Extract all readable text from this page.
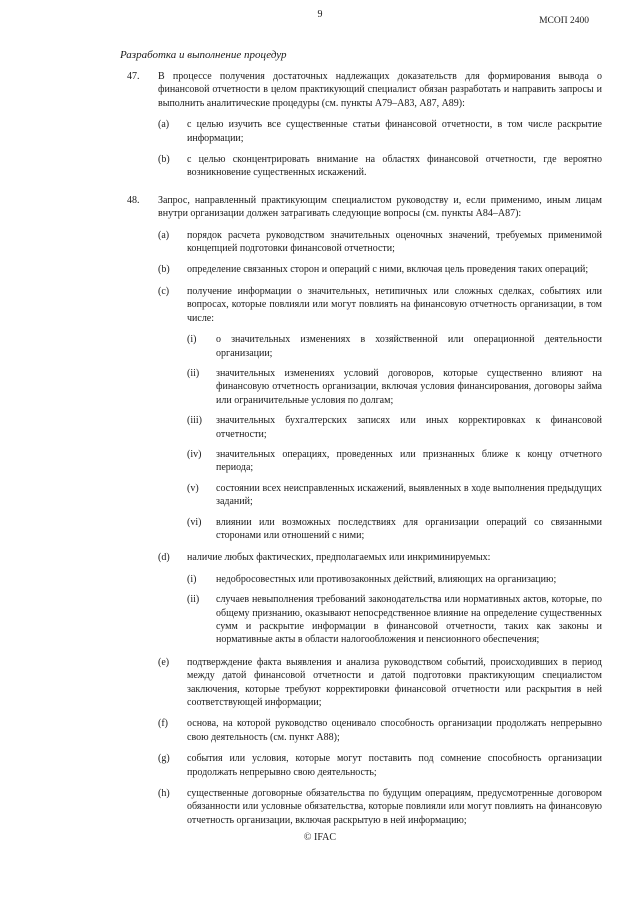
9
МСОП 2400
Разработка и выполнение процедур
47. В процессе получения достаточных надлежащих доказательств для формирования вывода о финансовой отчетности в целом практикующий специалист обязан разработать и направить запросы и выполнить аналитические процедуры (см. пункты А79–А83, А87, А89):
(a) с целью изучить все существенные статьи финансовой отчетности, в том числе раскрытие информации;
(b) с целью сконцентрировать внимание на областях финансовой отчетности, где вероятно возникновение существенных искажений.
48. Запрос, направленный практикующим специалистом руководству и, если применимо, иным лицам внутри организации должен затрагивать следующие вопросы (см. пункты А84–А87):
(a) порядок расчета руководством значительных оценочных значений, требуемых применимой концепцией подготовки финансовой отчетности;
(b) определение связанных сторон и операций с ними, включая цель проведения таких операций;
(c) получение информации о значительных, нетипичных или сложных сделках, событиях или вопросах, которые повлияли или могут повлиять на финансовую отчетность организации, в том числе:
(i) о значительных изменениях в хозяйственной или операционной деятельности организации;
(ii) значительных изменениях условий договоров, которые существенно влияют на финансовую отчетность организации, включая условия финансирования, договоры займа или ограничительные условия по долгам;
(iii) значительных бухгалтерских записях или иных корректировках к финансовой отчетности;
(iv) значительных операциях, проведенных или признанных ближе к концу отчетного периода;
(v) состоянии всех неисправленных искажений, выявленных в ходе выполнения предыдущих заданий;
(vi) влиянии или возможных последствиях для организации операций со связанными сторонами или отношений с ними;
(d) наличие любых фактических, предполагаемых или инкриминируемых:
(i) недобросовестных или противозаконных действий, влияющих на организацию;
(ii) случаев невыполнения требований законодательства или нормативных актов, которые, по общему признанию, оказывают непосредственное влияние на определение существенных сумм и раскрытие информации в финансовой отчетности, таких как законы и нормативные акты в области налогообложения и пенсионного обеспечения;
(e) подтверждение факта выявления и анализа руководством событий, происходивших в период между датой финансовой отчетности и датой подготовки практикующим специалистом заключения, которые требуют корректировки финансовой отчетности или раскрытия в ней соответствующей информации;
(f) основа, на которой руководство оценивало способность организации продолжать непрерывно свою деятельность (см. пункт А88);
(g) события или условия, которые могут поставить под сомнение способность организации продолжать непрерывно свою деятельность;
(h) существенные договорные обязательства по будущим операциям, предусмотренные договором обязанности или условные обязательства, которые повлияли или могут повлиять на финансовую отчетность организации, включая раскрытую в ней информацию;
© IFAC
